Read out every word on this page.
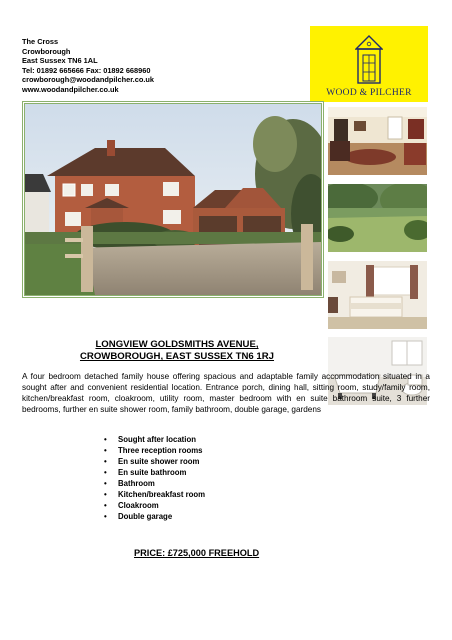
The Cross
Crowborough
East Sussex TN6 1AL
Tel: 01892 665666 Fax: 01892 668960
crowborough@woodandpilcher.co.uk
www.woodandpilcher.co.uk	WOOD & PILCHER
LONGVIEW GOLDSMITHS AVENUE,
CROWBOROUGH, EAST SUSSEX TN6 1RJ
A four bedroom detached family house offering spacious and adaptable family accommodation situated in a sought after and convenient residential location. Entrance porch, dining hall, sitting room, study/family room, kitchen/breakfast room, cloakroom, utility room, master bedroom with en suite bathroom suite, 3 further bedrooms, further en suite shower room, family bathroom, double garage, gardens
• Sought after location
• Three reception rooms
• En suite shower room
• En suite bathroom
• Bathroom
• Kitchen/breakfast room
• Cloakroom
• Double garage
PRICE: £725,000 FREEHOLD
